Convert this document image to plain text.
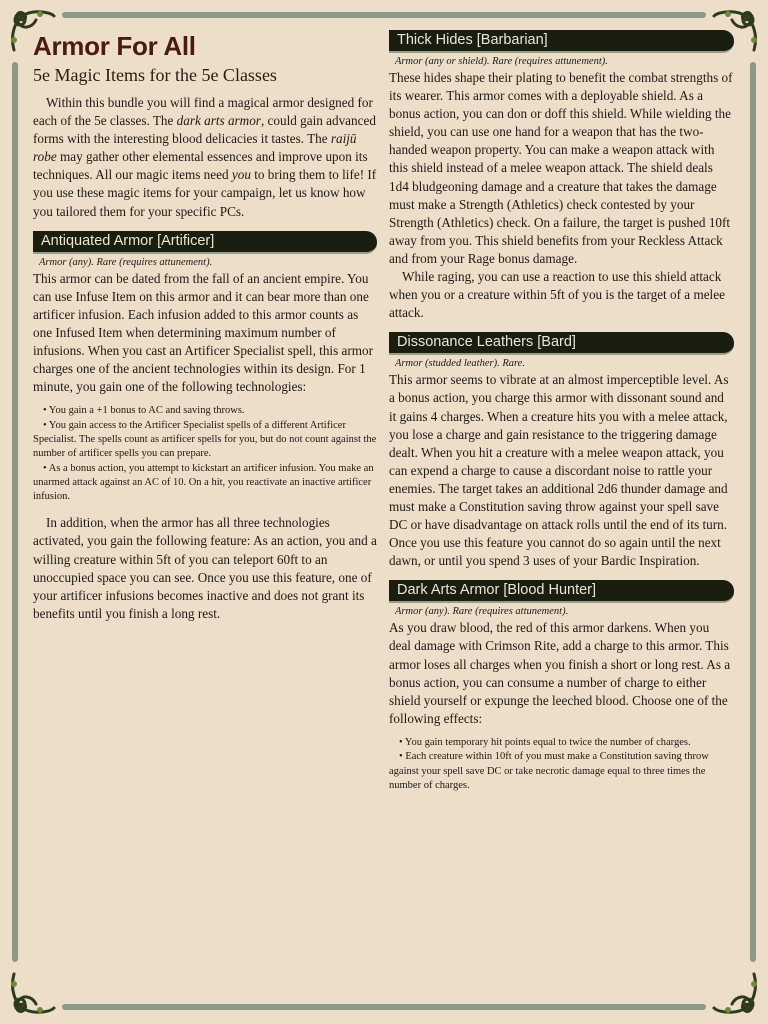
Armor For All
5e Magic Items for the 5e Classes

Within this bundle you will find a magical armor designed for each of the 5e classes. The dark arts armor, could gain advanced forms with the interesting blood delicacies it tastes. The raijū robe may gather other elemental essences and improve upon its techniques. All our magic items need you to bring them to life! If you use these magic items for your campaign, let us know how you tailored them for your specific PCs.

Antiquated Armor [Artificer]
Armor (any). Rare (requires attunement).

This armor can be dated from the fall of an ancient empire. You can use Infuse Item on this armor and it can bear more than one artificer infusion. Each infusion added to this armor counts as one Infused Item when determining maximum number of infusions. When you cast an Artificer Specialist spell, this armor charges one of the ancient technologies within its design. For 1 minute, you gain one of the following technologies:

• You gain a +1 bonus to AC and saving throws.
• You gain access to the Artificer Specialist spells of a different Artificer Specialist. The spells count as artificer spells for you, but do not count against the number of artificer spells you can prepare.
• As a bonus action, you attempt to kickstart an artificer infusion. You make an unarmed attack against an AC of 10. On a hit, you reactivate an inactive artificer infusion.

In addition, when the armor has all three technologies activated, you gain the following feature: As an action, you and a willing creature within 5ft of you can teleport 60ft to an unoccupied space you can see. Once you use this feature, one of your artificer infusions becomes inactive and does not grant its benefits until you finish a long rest.

Thick Hides [Barbarian]
Armor (any or shield). Rare (requires attunement).

These hides shape their plating to benefit the combat strengths of its wearer. This armor comes with a deployable shield. As a bonus action, you can don or doff this shield. While wielding the shield, you can use one hand for a weapon that has the two-handed weapon property. You can make a weapon attack with this shield instead of a melee weapon attack. The shield deals 1d4 bludgeoning damage and a creature that takes the damage must make a Strength (Athletics) check contested by your Strength (Athletics) check. On a failure, the target is pushed 10ft away from you. This shield benefits from your Reckless Attack and from your Rage bonus damage.

While raging, you can use a reaction to use this shield attack when you or a creature within 5ft of you is the target of a melee attack.

Dissonance Leathers [Bard]
Armor (studded leather). Rare.

This armor seems to vibrate at an almost imperceptible level. As a bonus action, you charge this armor with dissonant sound and it gains 4 charges. When a creature hits you with a melee attack, you lose a charge and gain resistance to the triggering damage dealt. When you hit a creature with a melee weapon attack, you can expend a charge to cause a discordant noise to rattle your enemies. The target takes an additional 2d6 thunder damage and must make a Constitution saving throw against your spell save DC or have disadvantage on attack rolls until the end of its turn. Once you use this feature you cannot do so again until the next dawn, or until you spend 3 uses of your Bardic Inspiration.

Dark Arts Armor [Blood Hunter]
Armor (any). Rare (requires attunement).

As you draw blood, the red of this armor darkens. When you deal damage with Crimson Rite, add a charge to this armor. This armor loses all charges when you finish a short or long rest. As a bonus action, you can consume a number of charge to either shield yourself or expunge the leeched blood. Choose one of the following effects:

• You gain temporary hit points equal to twice the number of charges.
• Each creature within 10ft of you must make a Constitution saving throw against your spell save DC or take necrotic damage equal to three times the number of charges.
